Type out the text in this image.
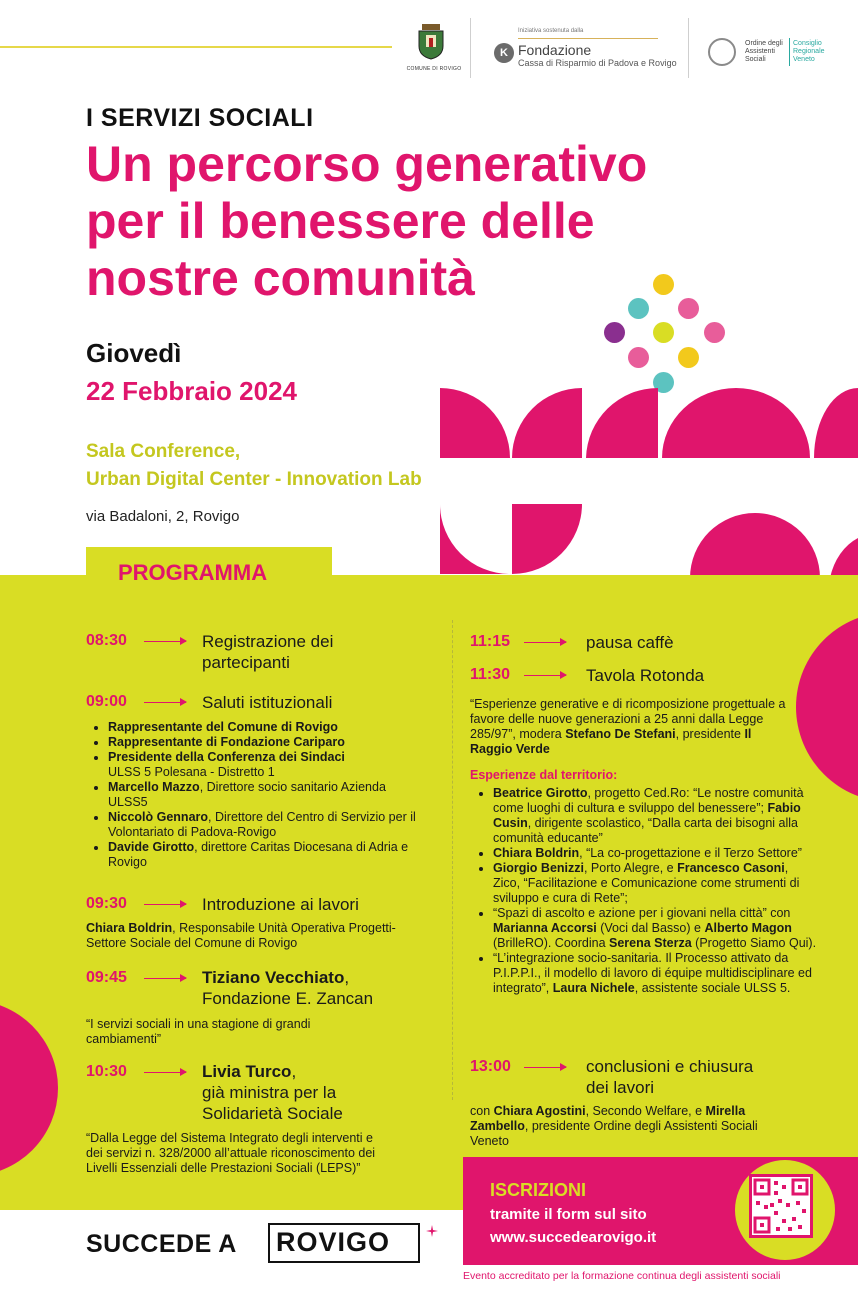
COMUNE DI ROVIGO
Iniziativa sostenuta dalla
K Fondazione
Cassa di Risparmio di Padova e Rovigo
Ordine degli Assistenti Sociali
Consiglio Regionale Veneto
I SERVIZI SOCIALI
Un percorso generativo
per il benessere delle
nostre comunità
Giovedì
22 Febbraio 2024
Sala Conference,
Urban Digital Center - Innovation Lab
via Badaloni, 2, Rovigo
PROGRAMMA
08:30	Registrazione dei partecipanti
09:00	Saluti istituzionali
• Rappresentante del Comune di Rovigo
• Rappresentante di Fondazione Cariparo
• Presidente della Conferenza dei Sindaci
ULSS 5 Polesana - Distretto 1
• Marcello Mazzo, Direttore socio sanitario Azienda ULSS5
• Niccolò Gennaro, Direttore del Centro di Servizio per il Volontariato di Padova-Rovigo
• Davide Girotto, direttore Caritas Diocesana di Adria e Rovigo
09:30	Introduzione ai lavori
Chiara Boldrin, Responsabile Unità Operativa Progetti-Settore Sociale del Comune di Rovigo
09:45	Tiziano Vecchiato,
Fondazione E. Zancan
“I servizi sociali in una stagione di grandi cambiamenti”
10:30	Livia Turco,
già ministra per la Solidarietà Sociale
“Dalla Legge del Sistema Integrato degli interventi e dei servizi n. 328/2000 all’attuale riconoscimento dei Livelli Essenziali delle Prestazioni Sociali (LEPS)”
11:15	pausa caffè
11:30	Tavola Rotonda
“Esperienze generative e di ricomposizione progettuale a favore delle nuove generazioni a 25 anni dalla Legge 285/97”, modera Stefano De Stefani, presidente Il Raggio Verde
Esperienze dal territorio:
• Beatrice Girotto, progetto Ced.Ro: “Le nostre comunità come luoghi di cultura e sviluppo del benessere”; Fabio Cusin, dirigente scolastico, “Dalla carta dei bisogni alla comunità educante”
• Chiara Boldrin, “La co-progettazione e il Terzo Settore”
• Giorgio Benizzi, Porto Alegre, e Francesco Casoni, Zico, “Facilitazione e Comunicazione come strumenti di sviluppo e cura di Rete”;
• “Spazi di ascolto e azione per i giovani nella città” con Marianna Accorsi (Voci dal Basso) e Alberto Magon (BrilleRO). Coordina Serena Sterza (Progetto Siamo Qui).
• “L’integrazione socio-sanitaria. Il Processo attivato da P.I.P.P.I., il modello di lavoro di équipe multidisciplinare ed integrato”, Laura Nichele, assistente sociale ULSS 5.
13:00	conclusioni e chiusura dei lavori
con Chiara Agostini, Secondo Welfare, e Mirella Zambello, presidente Ordine degli Assistenti Sociali Veneto
SUCCEDE A ROVIGO
ISCRIZIONI
tramite il form sul sito
www.succedearovigo.it
Evento accreditato per la formazione continua degli assistenti sociali
